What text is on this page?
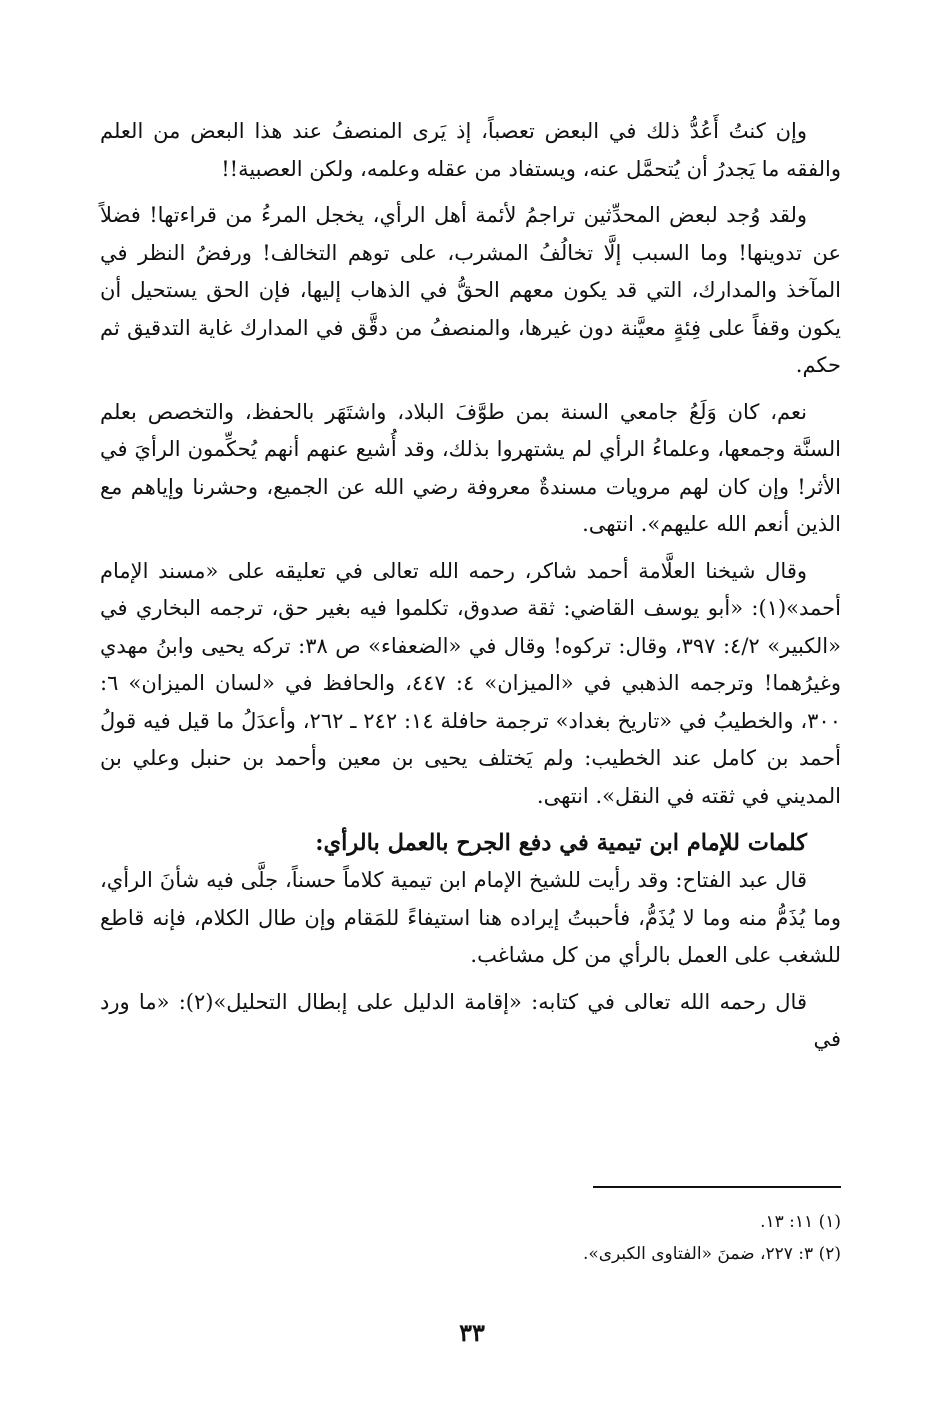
وإن كنتُ أَعُدُّ ذلك في البعض تعصباً، إذ يَرى المنصفُ عند هذا البعض من العلم والفقه ما يَجدرُ أن يُتحمَّل عنه، ويستفاد من عقله وعلمه، ولكن العصبية!!

ولقد وُجد لبعض المحدِّثين تراجمُ لأئمة أهل الرأي، يخجل المرءُ من قراءتها! فضلاً عن تدوينها! وما السبب إلَّا تخالُفُ المشرب، على توهم التخالف! ورفضُ النظر في المآخذ والمدارك، التي قد يكون معهم الحقُّ في الذهاب إليها، فإن الحق يستحيل أن يكون وقفاً على فِئةٍ معيَّنة دون غيرها، والمنصفُ من دقَّق في المدارك غاية التدقيق ثم حكم.

نعم، كان وَلَعُ جامعي السنة بمن طوَّفَ البلاد، واشتَهَر بالحفظ، والتخصص بعلم السنَّة وجمعها، وعلماءُ الرأي لم يشتهروا بذلك، وقد أُشيع عنهم أنهم يُحكِّمون الرأيَ في الأثر! وإن كان لهم مرويات مسندةٌ معروفة رضي الله عن الجميع، وحشرنا وإياهم مع الذين أنعم الله عليهم». انتهى.

وقال شيخنا العلَّامة أحمد شاكر، رحمه الله تعالى في تعليقه على «مسند الإمام أحمد»(١): «أبو يوسف القاضي: ثقة صدوق، تكلموا فيه بغير حق، ترجمه البخاري في «الكبير» ٤/٢: ٣٩٧، وقال: تركوه! وقال في «الضعفاء» ص ٣٨: تركه يحيى وابنُ مهدي وغيرُهما! وترجمه الذهبي في «الميزان» ٤: ٤٤٧، والحافظ في «لسان الميزان» ٦: ٣٠٠، والخطيبُ في «تاريخ بغداد» ترجمة حافلة ١٤: ٢٤٢ ـ ٢٦٢، وأعدَلُ ما قيل فيه قولُ أحمد بن كامل عند الخطيب: ولم يَختلف يحيى بن معين وأحمد بن حنبل وعلي بن المديني في ثقته في النقل». انتهى.

كلمات للإمام ابن تيمية في دفع الجرح بالعمل بالرأي:

قال عبد الفتاح: وقد رأيت للشيخ الإمام ابن تيمية كلاماً حسناً، جلَّى فيه شأنَ الرأي، وما يُذَمُّ منه وما لا يُذَمُّ، فأحببتُ إيراده هنا استيفاءً للمَقام وإن طال الكلام، فإنه قاطع للشغب على العمل بالرأي من كل مشاغب.

قال رحمه الله تعالى في كتابه: «إقامة الدليل على إبطال التحليل»(٢): «ما ورد في

(١) ١١: ١٣.
(٢) ٣: ٢٢٧، ضمنَ «الفتاوى الكبرى».
٣٣
